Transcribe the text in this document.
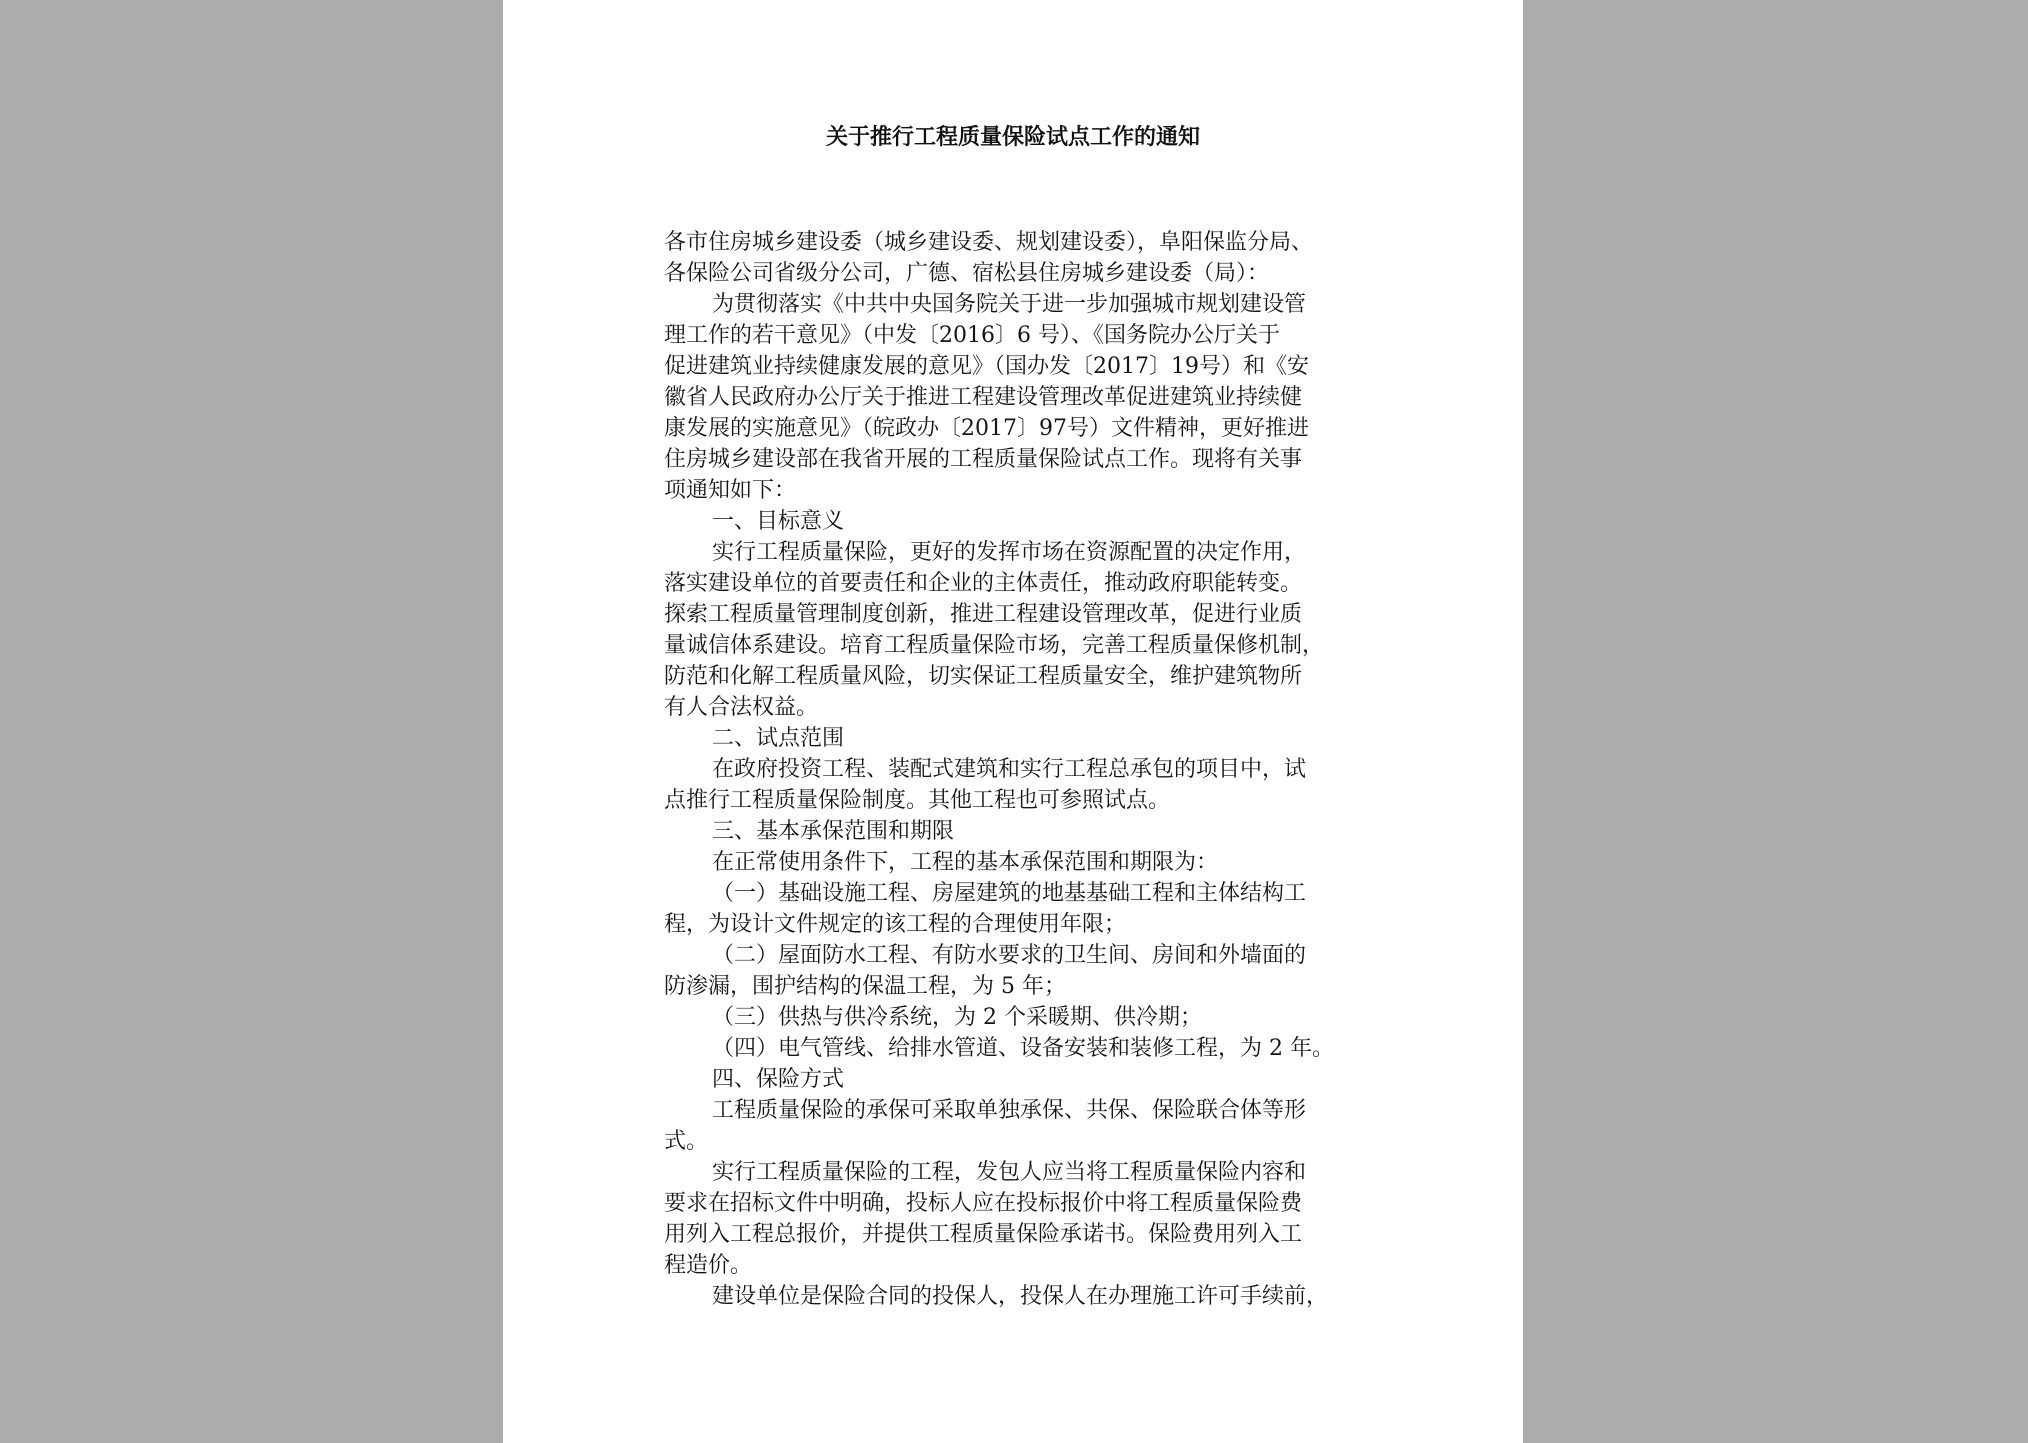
关于推行工程质量保险试点工作的通知

各市住房城乡建设委（城乡建设委、规划建设委），阜阳保监分局、
各保险公司省级分公司，广德、宿松县住房城乡建设委（局）：

为贯彻落实《中共中央国务院关于进一步加强城市规划建设管
理工作的若干意见》（中发〔2016〕6 号）、《国务院办公厅关于
促进建筑业持续健康发展的意见》（国办发〔2017〕19号）和《安
徽省人民政府办公厅关于推进工程建设管理改革促进建筑业持续健
康发展的实施意见》（皖政办〔2017〕97号）文件精神，更好推进
住房城乡建设部在我省开展的工程质量保险试点工作。现将有关事
项通知如下：

一、目标意义

实行工程质量保险，更好的发挥市场在资源配置的决定作用，
落实建设单位的首要责任和企业的主体责任，推动政府职能转变。
探索工程质量管理制度创新，推进工程建设管理改革，促进行业质
量诚信体系建设。培育工程质量保险市场，完善工程质量保修机制，
防范和化解工程质量风险，切实保证工程质量安全，维护建筑物所
有人合法权益。

二、试点范围

在政府投资工程、装配式建筑和实行工程总承包的项目中，试
点推行工程质量保险制度。其他工程也可参照试点。

三、基本承保范围和期限

在正常使用条件下，工程的基本承保范围和期限为：

（一）基础设施工程、房屋建筑的地基基础工程和主体结构工
程，为设计文件规定的该工程的合理使用年限；

（二）屋面防水工程、有防水要求的卫生间、房间和外墙面的
防渗漏，围护结构的保温工程，为 5 年；

（三）供热与供冷系统，为 2 个采暖期、供冷期；

（四）电气管线、给排水管道、设备安装和装修工程，为 2 年。

四、保险方式

工程质量保险的承保可采取单独承保、共保、保险联合体等形
式。

实行工程质量保险的工程，发包人应当将工程质量保险内容和
要求在招标文件中明确，投标人应在投标报价中将工程质量保险费
用列入工程总报价，并提供工程质量保险承诺书。保险费用列入工
程造价。

建设单位是保险合同的投保人，投保人在办理施工许可手续前，
